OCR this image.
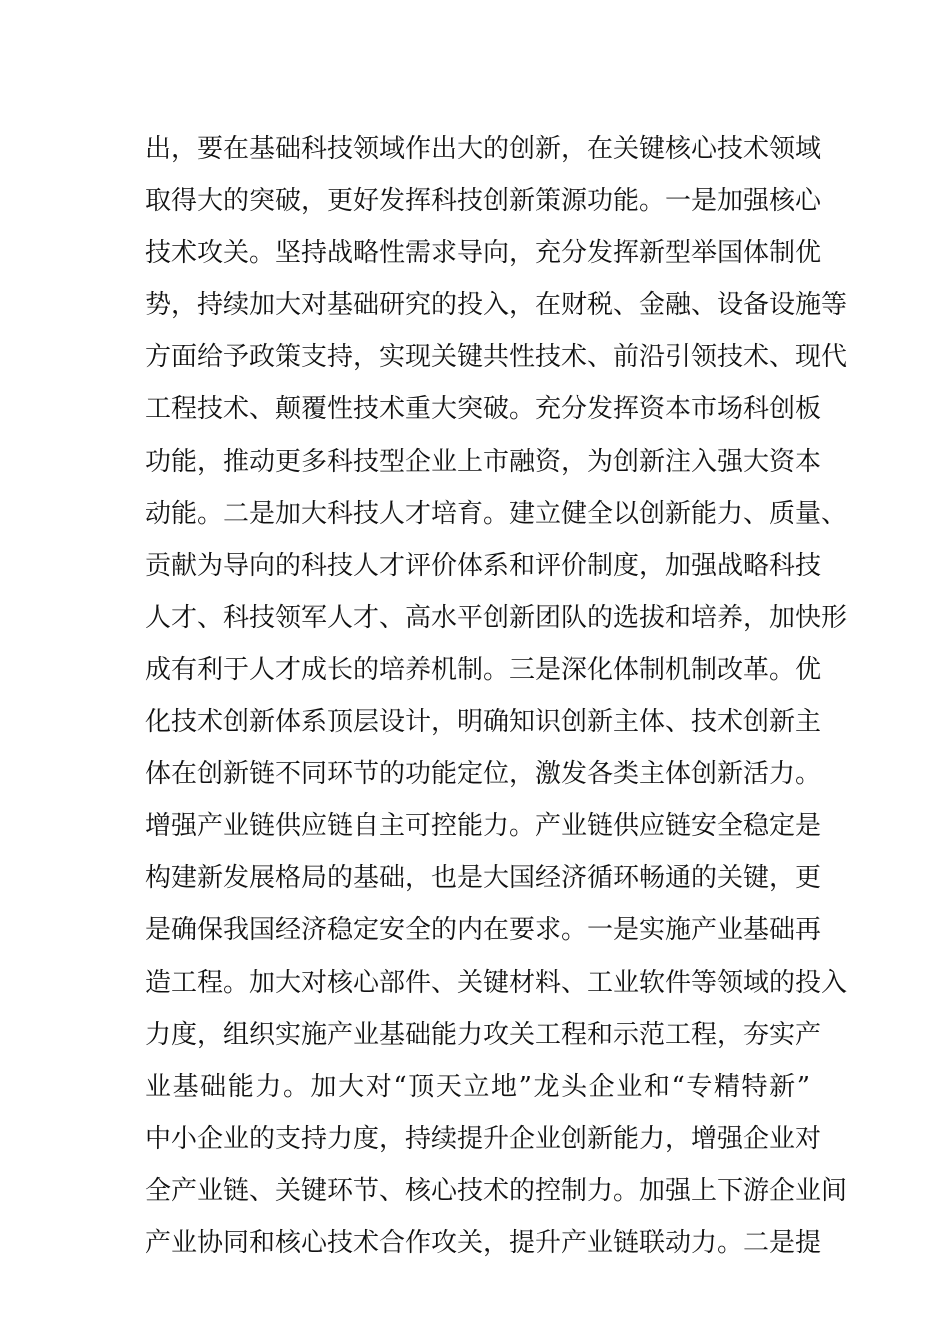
出，要在基础科技领域作出大的创新，在关键核心技术领域
取得大的突破，更好发挥科技创新策源功能。一是加强核心
技术攻关。坚持战略性需求导向，充分发挥新型举国体制优
势，持续加大对基础研究的投入，在财税、金融、设备设施等
方面给予政策支持，实现关键共性技术、前沿引领技术、现代
工程技术、颠覆性技术重大突破。充分发挥资本市场科创板
功能，推动更多科技型企业上市融资，为创新注入强大资本
动能。二是加大科技人才培育。建立健全以创新能力、质量、
贡献为导向的科技人才评价体系和评价制度，加强战略科技
人才、科技领军人才、高水平创新团队的选拔和培养，加快形
成有利于人才成长的培养机制。三是深化体制机制改革。优
化技术创新体系顶层设计，明确知识创新主体、技术创新主
体在创新链不同环节的功能定位，激发各类主体创新活力。
增强产业链供应链自主可控能力。产业链供应链安全稳定是
构建新发展格局的基础，也是大国经济循环畅通的关键，更
是确保我国经济稳定安全的内在要求。一是实施产业基础再
造工程。加大对核心部件、关键材料、工业软件等领域的投入
力度，组织实施产业基础能力攻关工程和示范工程，夯实产
业基础能力。加大对“顶天立地”龙头企业和“专精特新”
中小企业的支持力度，持续提升企业创新能力，增强企业对
全产业链、关键环节、核心技术的控制力。加强上下游企业间
产业协同和核心技术合作攻关，提升产业链联动力。二是提
